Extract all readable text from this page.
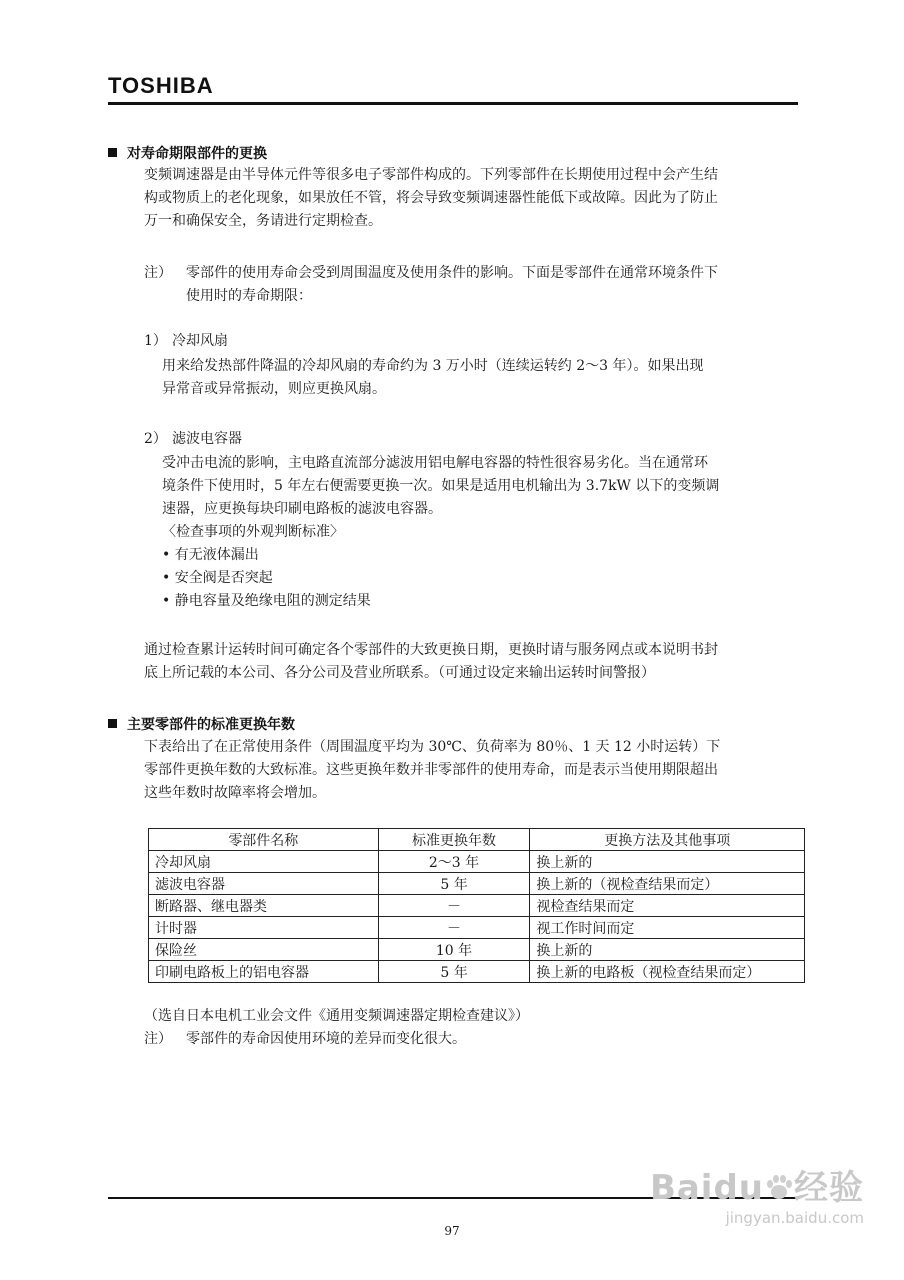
TOSHIBA
对寿命期限部件的更换
变频调速器是由半导体元件等很多电子零部件构成的。下列零部件在长期使用过程中会产生结
构或物质上的老化现象，如果放任不管，将会导致变频调速器性能低下或故障。因此为了防止
万一和确保安全，务请进行定期检查。
注） 零部件的使用寿命会受到周围温度及使用条件的影响。下面是零部件在通常环境条件下
使用时的寿命期限：
1） 冷却风扇
用来给发热部件降温的冷却风扇的寿命约为 3 万小时（连续运转约 2～3 年）。如果出现
异常音或异常振动，则应更换风扇。
2） 滤波电容器
受冲击电流的影响，主电路直流部分滤波用铝电解电容器的特性很容易劣化。当在通常环
境条件下使用时，5 年左右便需要更换一次。如果是适用电机输出为 3.7kW 以下的变频调
速器，应更换每块印刷电路板的滤波电容器。
〈检查事项的外观判断标准〉
• 有无液体漏出
• 安全阀是否突起
• 静电容量及绝缘电阻的测定结果
通过检查累计运转时间可确定各个零部件的大致更换日期，更换时请与服务网点或本说明书封
底上所记载的本公司、各分公司及营业所联系。（可通过设定来输出运转时间警报）
主要零部件的标准更换年数
下表给出了在正常使用条件（周围温度平均为 30℃、负荷率为 80％、1 天 12 小时运转）下
零部件更换年数的大致标准。这些更换年数并非零部件的使用寿命，而是表示当使用期限超出
这些年数时故障率将会增加。
零部件名称	标准更换年数	更换方法及其他事项
冷却风扇	2～3 年	换上新的
滤波电容器	5 年	换上新的（视检查结果而定）
断路器、继电器类	－	视检查结果而定
计时器	－	视工作时间而定
保险丝	10 年	换上新的
印刷电路板上的铝电容器	5 年	换上新的电路板（视检查结果而定）
（选自日本电机工业会文件《通用变频调速器定期检查建议》）
注） 零部件的寿命因使用环境的差异而变化很大。
97
Baidu 经验
jingyan.baidu.com
